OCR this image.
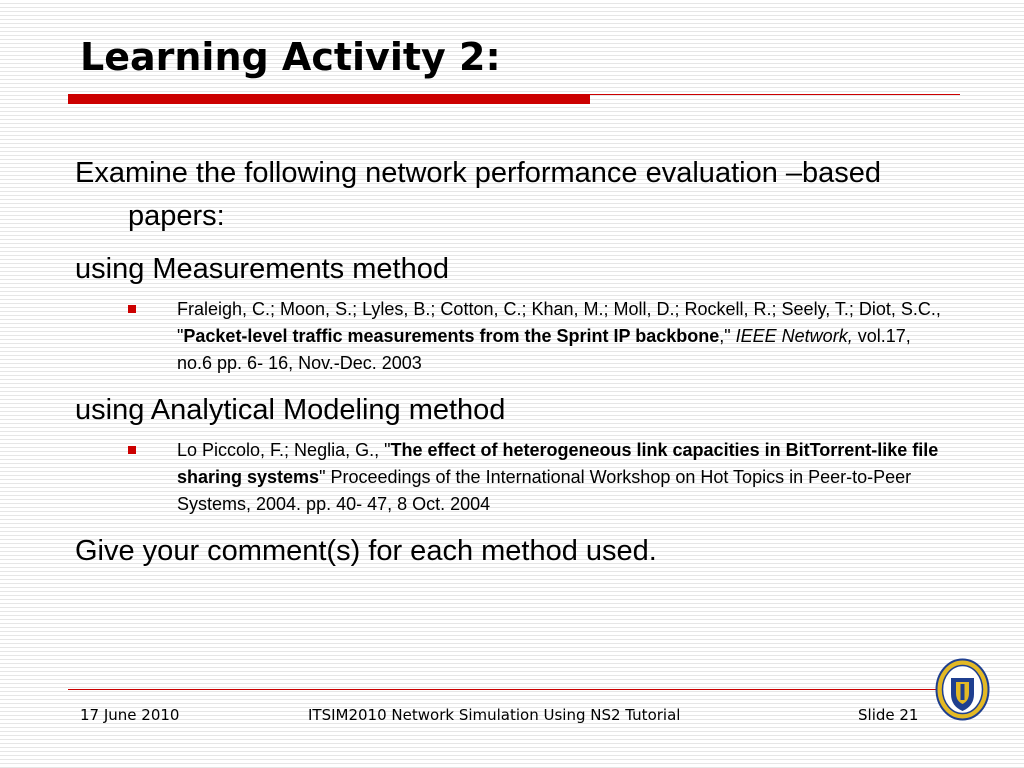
Learning Activity 2:

Examine the following network performance evaluation –based papers:

using Measurements method

Fraleigh, C.; Moon, S.; Lyles, B.; Cotton, C.; Khan, M.; Moll, D.; Rockell, R.; Seely, T.; Diot, S.C., "Packet-level traffic measurements from the Sprint IP backbone," IEEE Network, vol.17, no.6 pp. 6- 16, Nov.-Dec. 2003

using Analytical Modeling method

Lo Piccolo, F.; Neglia, G., "The effect of heterogeneous link capacities in BitTorrent-like file sharing systems" Proceedings of the International Workshop on Hot Topics in Peer-to-Peer Systems, 2004. pp. 40- 47, 8 Oct. 2004

Give your comment(s) for each method used.

17 June 2010	ITSIM2010 Network Simulation Using NS2 Tutorial	Slide 21
